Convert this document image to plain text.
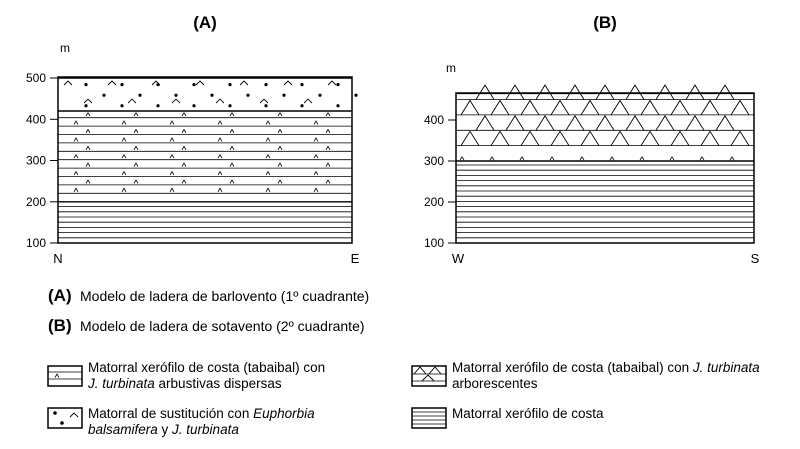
(A)
m
500
400
300
200
100
N	E
(B)
m
400
300
200
100
W	S
(A) Modelo de ladera de barlovento (1º cuadrante)
(B) Modelo de ladera de sotavento (2º cuadrante)
Matorral xerófilo de costa (tabaibal) con
J. turbinata arbustivas dispersas
Matorral de sustitución con Euphorbia
balsamifera y J. turbinata
Matorral xerófilo de costa (tabaibal) con J. turbinata
arborescentes
Matorral xerófilo de costa
